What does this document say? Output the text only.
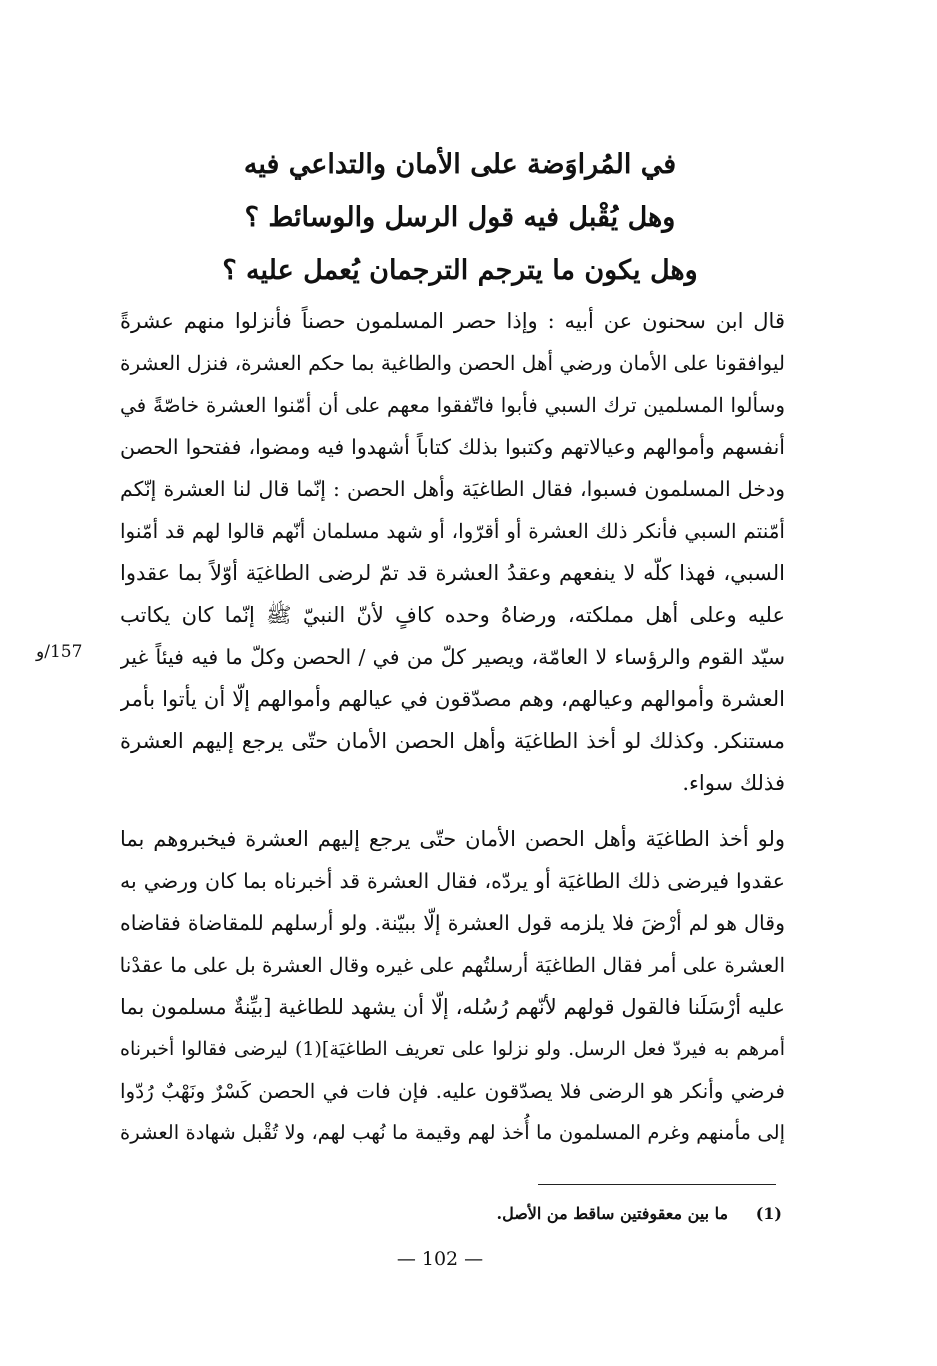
في المُراوَضة على الأمان والتداعي فيه
وهل يُقْبل فيه قول الرسل والوسائط ؟
وهل يكون ما يترجم الترجمان يُعمل عليه ؟
قال ابن سحنون عن أبيه : وإذا حصر المسلمون حصناً فأنزلوا منهم عشرةً
ليوافقونا على الأمان ورضي أهل الحصن والطاغية بما حكم العشرة، فنزل العشرة
وسألوا المسلمين ترك السبي فأبوا فاتّفقوا معهم على أن أمّنوا العشرة خاصّةً في
أنفسهم وأموالهم وعيالاتهم وكتبوا بذلك كتاباً أشهدوا فيه ومضوا، ففتحوا الحصن
ودخل المسلمون فسبوا، فقال الطاغيَة وأهل الحصن : إنّما قال لنا العشرة إنّكم
أمّنتم السبي فأنكر ذلك العشرة أو أقرّوا، أو شهد مسلمان أنّهم قالوا لهم قد أمّنوا
السبي، فهذا كلّه لا ينفعهم وعقدُ العشرة قد تمّ لرضى الطاغيَة أوّلاً بما عقدوا
عليه وعلى أهل مملكته، ورضاهُ وحده كافٍ لأنّ النبيّ ﷺ إنّما كان يكاتب
سيّد القوم والرؤساء لا العامّة، ويصير كلّ من في / الحصن وكلّ ما فيه فيئاً غير
العشرة وأموالهم وعيالهم، وهم مصدّقون في عيالهم وأموالهم إلّا أن يأتوا بأمر
مستنكر. وكذلك لو أخذ الطاغيَة وأهل الحصن الأمان حتّى يرجع إليهم العشرة
فذلك سواء.
157/و
ولو أخذ الطاغيَة وأهل الحصن الأمان حتّى يرجع إليهم العشرة فيخبروهم بما
عقدوا فيرضى ذلك الطاغيَة أو يردّه، فقال العشرة قد أخبرناه بما كان ورضي به
وقال هو لم أرْضَ فلا يلزمه قول العشرة إلّا ببيّنة. ولو أرسلهم للمقاضاة فقاضاه
العشرة على أمر فقال الطاغيَة أرسلتُهم على غيره وقال العشرة بل على ما عقدْنا
عليه أرْسَلَنا فالقول قولهم لأنّهم رُسُله، إلّا أن يشهد للطاغية [بيِّنةٌ مسلمون بما
أمرهم به فيردّ فعل الرسل. ولو نزلوا على تعريف الطاغيَة](1) ليرضى فقالوا أخبرناه
فرضي وأنكر هو الرضى فلا يصدّقون عليه. فإن فات في الحصن كَسْرٌ ونَهْبٌ رُدّوا
إلى مأمنهم وغرم المسلمون ما أُخذ لهم وقيمة ما نُهب لهم، ولا تُقْبل شهادة العشرة
(1) ما بين معقوفتين ساقط من الأصل.
— 102 —
